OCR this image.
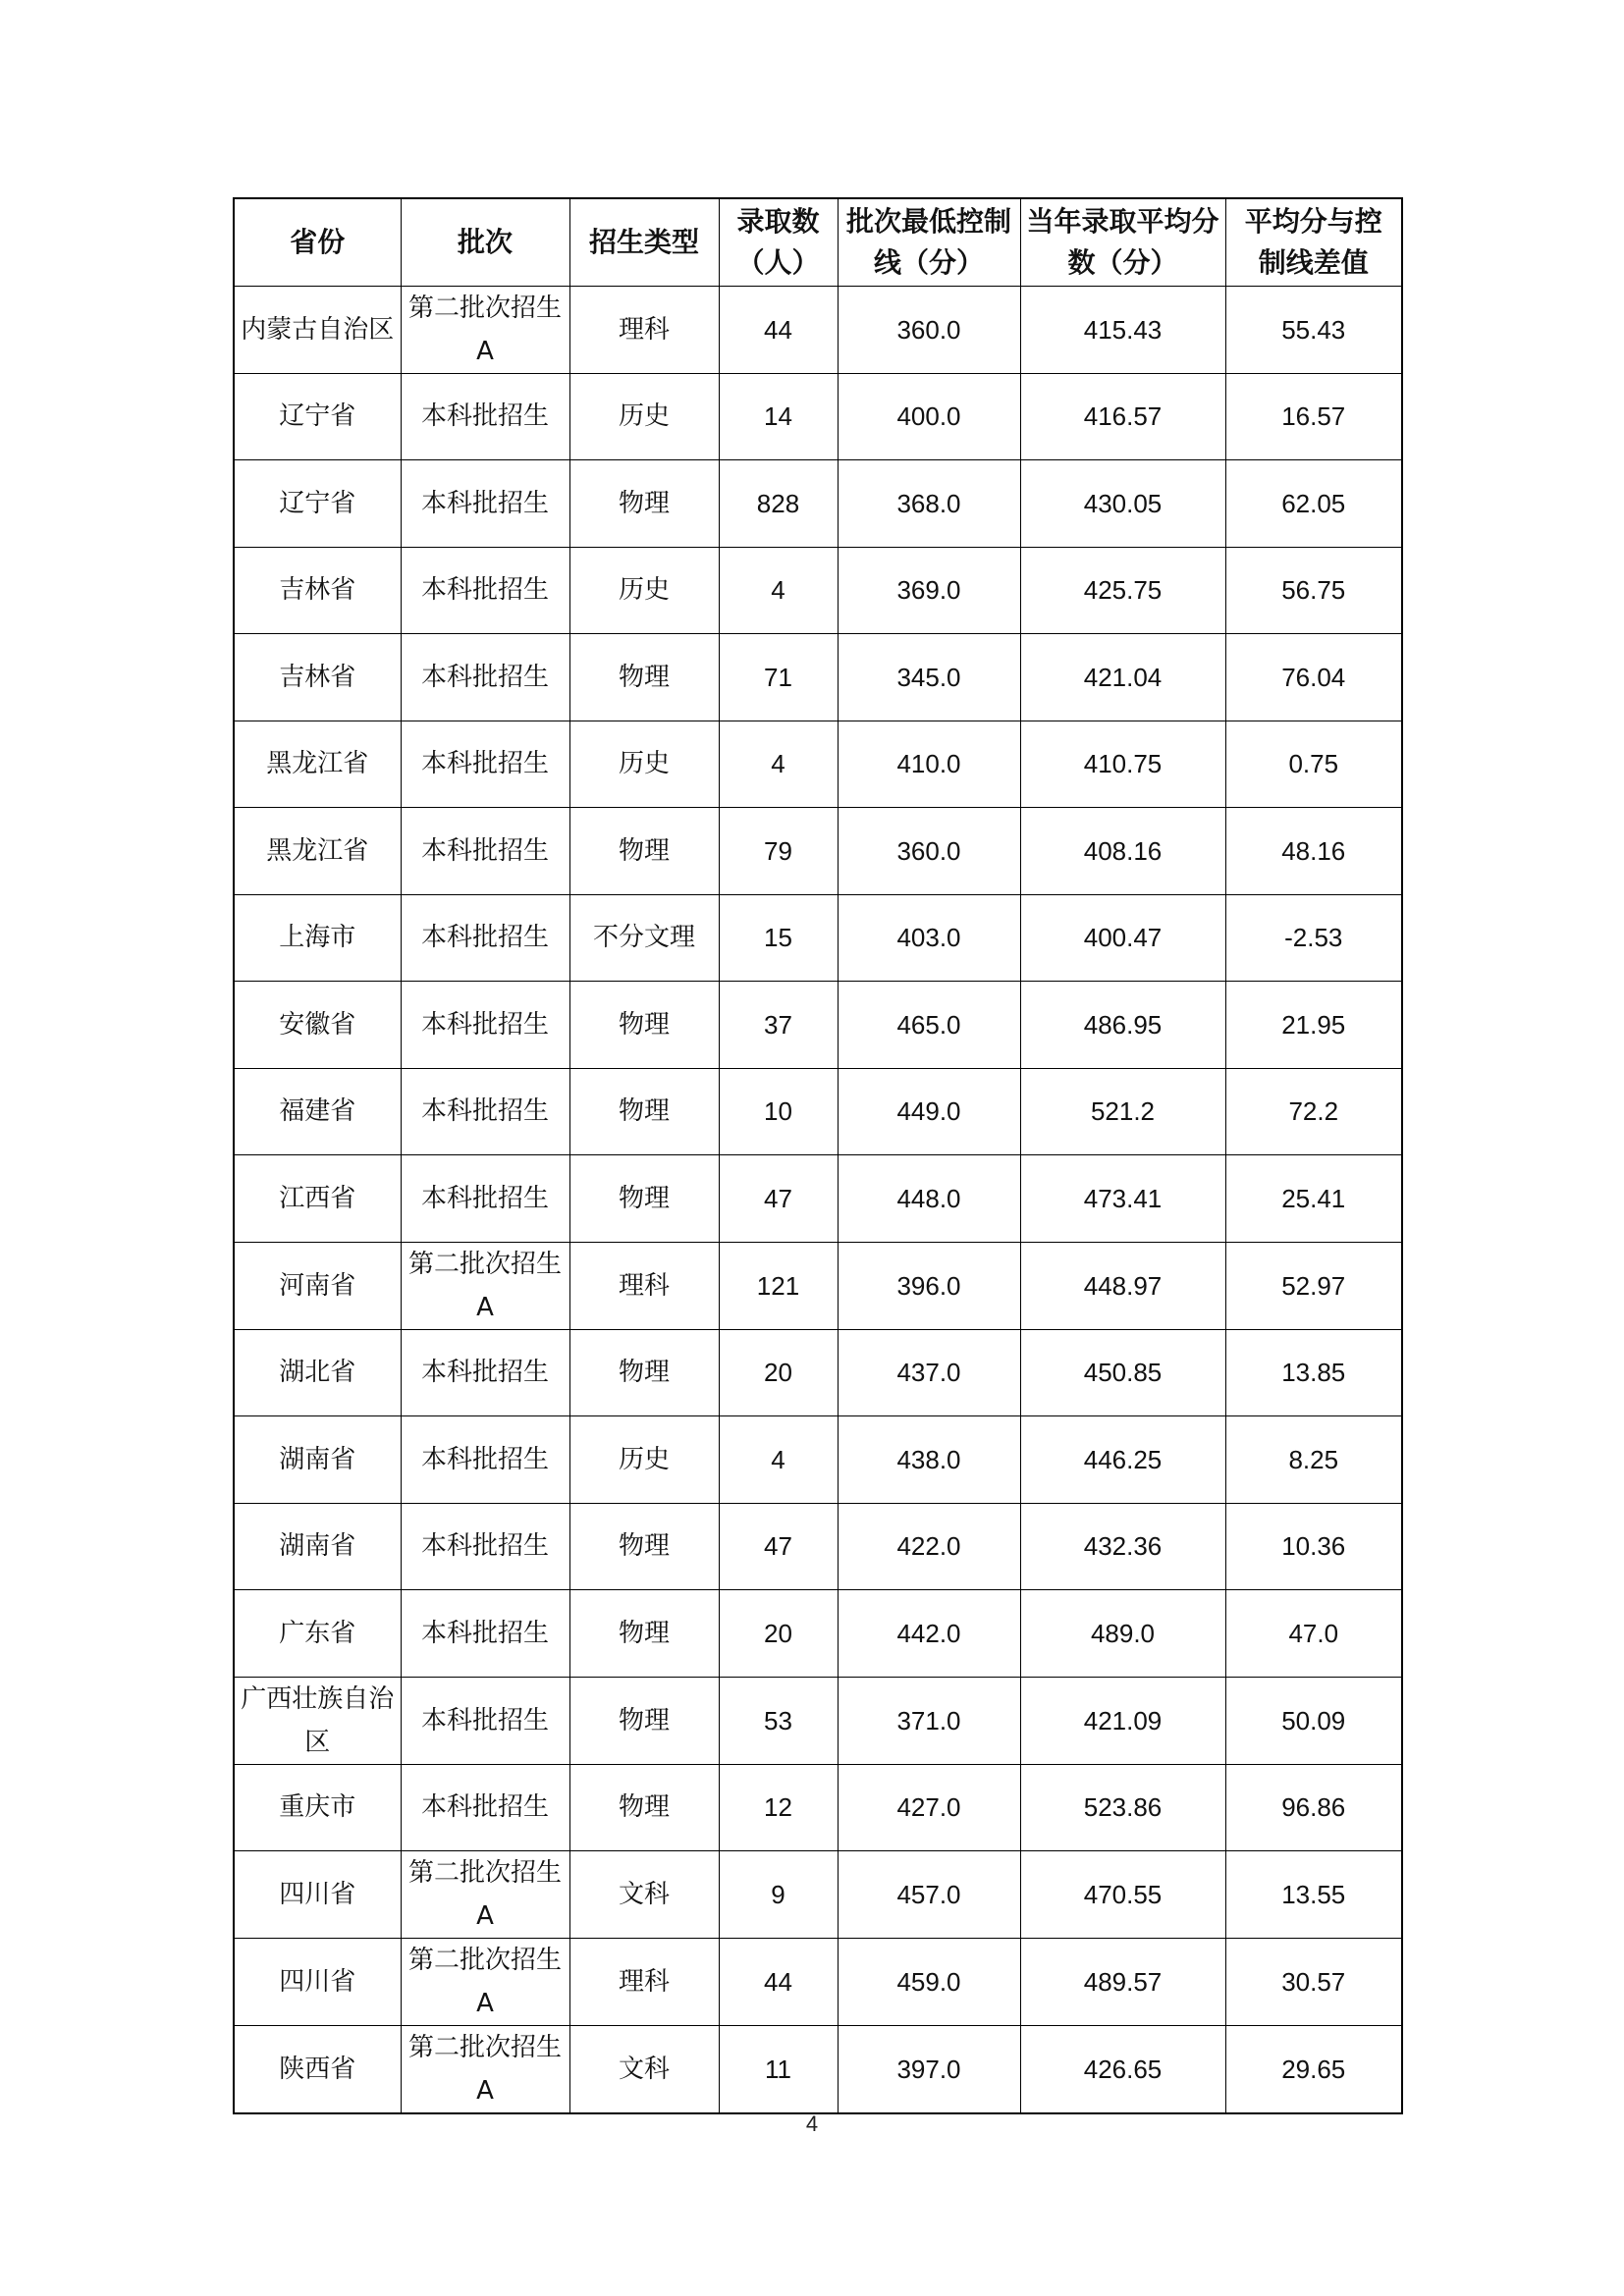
省份	批次	招生类型	录取数（人）	批次最低控制线（分）	当年录取平均分数（分）	平均分与控制线差值
内蒙古自治区	第二批次招生 A	理科	44	360.0	415.43	55.43
辽宁省	本科批招生	历史	14	400.0	416.57	16.57
辽宁省	本科批招生	物理	828	368.0	430.05	62.05
吉林省	本科批招生	历史	4	369.0	425.75	56.75
吉林省	本科批招生	物理	71	345.0	421.04	76.04
黑龙江省	本科批招生	历史	4	410.0	410.75	0.75
黑龙江省	本科批招生	物理	79	360.0	408.16	48.16
上海市	本科批招生	不分文理	15	403.0	400.47	-2.53
安徽省	本科批招生	物理	37	465.0	486.95	21.95
福建省	本科批招生	物理	10	449.0	521.2	72.2
江西省	本科批招生	物理	47	448.0	473.41	25.41
河南省	第二批次招生 A	理科	121	396.0	448.97	52.97
湖北省	本科批招生	物理	20	437.0	450.85	13.85
湖南省	本科批招生	历史	4	438.0	446.25	8.25
湖南省	本科批招生	物理	47	422.0	432.36	10.36
广东省	本科批招生	物理	20	442.0	489.0	47.0
广西壮族自治区	本科批招生	物理	53	371.0	421.09	50.09
重庆市	本科批招生	物理	12	427.0	523.86	96.86
四川省	第二批次招生 A	文科	9	457.0	470.55	13.55
四川省	第二批次招生 A	理科	44	459.0	489.57	30.57
陕西省	第二批次招生 A	文科	11	397.0	426.65	29.65
4
